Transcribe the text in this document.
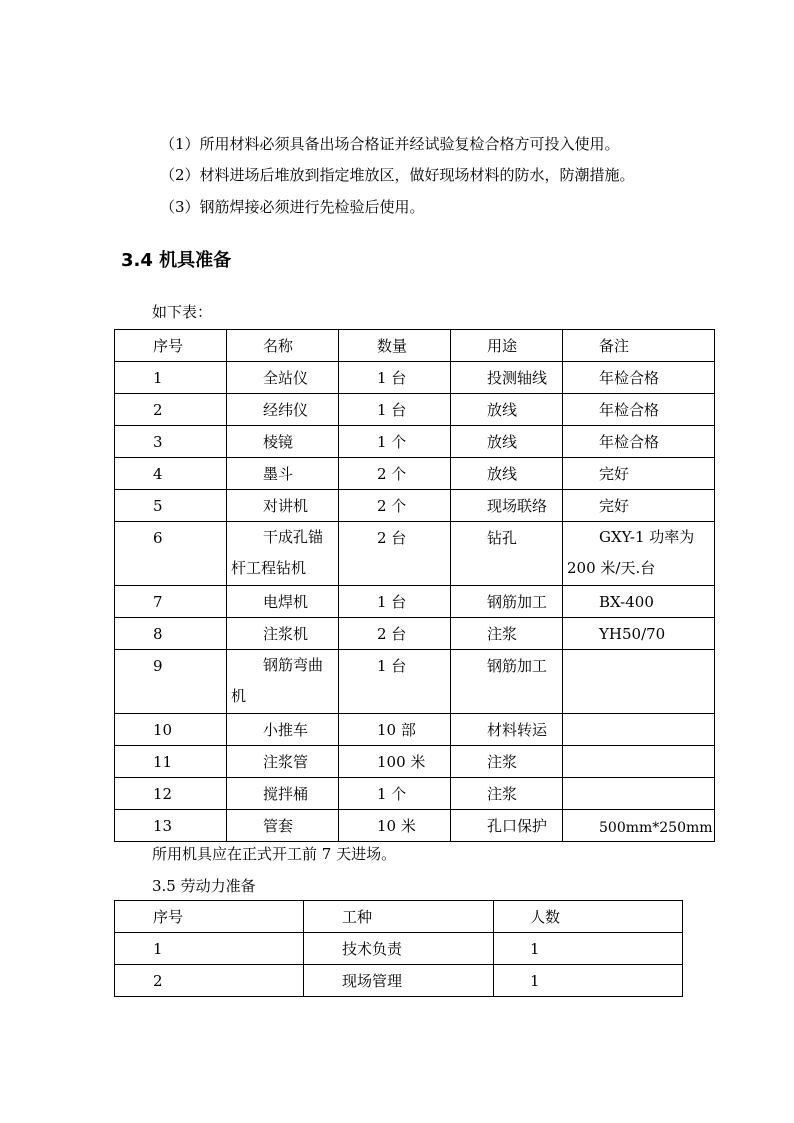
（1）所用材料必须具备出场合格证并经试验复检合格方可投入使用。
（2）材料进场后堆放到指定堆放区，做好现场材料的防水，防潮措施。
（3）钢筋焊接必须进行先检验后使用。
3.4 机具准备
如下表：
序号	名称	数量	用途	备注

1	全站仪	1 台	投测轴线	年检合格

2	经纬仪	1 台	放线	年检合格

3	棱镜	1 个	放线	年检合格

4	墨斗	2 个	放线	完好

5	对讲机	2 个	现场联络	完好

6	干成孔锚
杆工程钻机	2 台	钻孔	GXY-1 功率为
200 米/天.台

7	电焊机	1 台	钢筋加工	BX-400

8	注浆机	2 台	注浆	YH50/70

9	钢筋弯曲
机	1 台	钢筋加工	

10	小推车	10 部	材料转运	

11	注浆管	100 米	注浆	

12	搅拌桶	1 个	注浆	

13	管套	10 米	孔口保护	500mm*250mm
所用机具应在正式开工前 7 天进场。
3.5 劳动力准备
序号	工种	人数

1	技术负责	1

2	现场管理	1
